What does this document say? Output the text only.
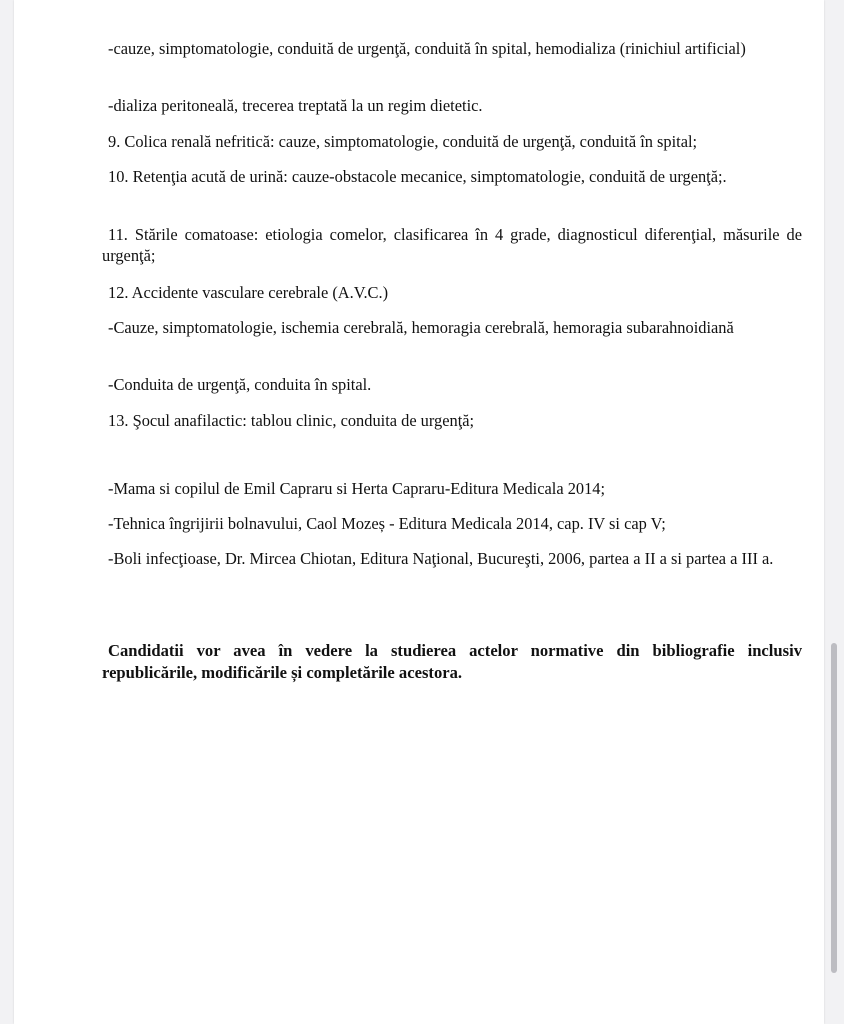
-cauze, simptomatologie, conduită de urgenţă, conduită în spital, hemodializa (rinichiul artificial)

-dializa peritoneală, trecerea treptată la un regim dietetic.

9. Colica renală nefritică: cauze, simptomatologie, conduită de urgenţă, conduită în spital;

10. Retenţia acută de urină: cauze-obstacole mecanice, simptomatologie, conduită de urgenţă;.

11. Stările comatoase: etiologia comelor, clasificarea în 4 grade, diagnosticul diferenţial, măsurile de urgenţă;

12. Accidente vasculare cerebrale (A.V.C.)

-Cauze, simptomatologie, ischemia cerebrală, hemoragia cerebrală, hemoragia subarahnoidiană

-Conduita de urgenţă, conduita în spital.

13. Şocul anafilactic: tablou clinic, conduita de urgenţă;

-Mama si copilul de Emil Capraru si Herta Capraru-Editura Medicala 2014;

-Tehnica îngrijirii bolnavului, Caol Mozeș - Editura Medicala 2014, cap. IV si cap V;

-Boli infecţioase, Dr. Mircea Chiotan, Editura Naţional, Bucureşti, 2006, partea a II a si partea a III a.

Candidatii vor avea în vedere la studierea actelor normative din bibliografie inclusiv republicările, modificările și completările acestora.
